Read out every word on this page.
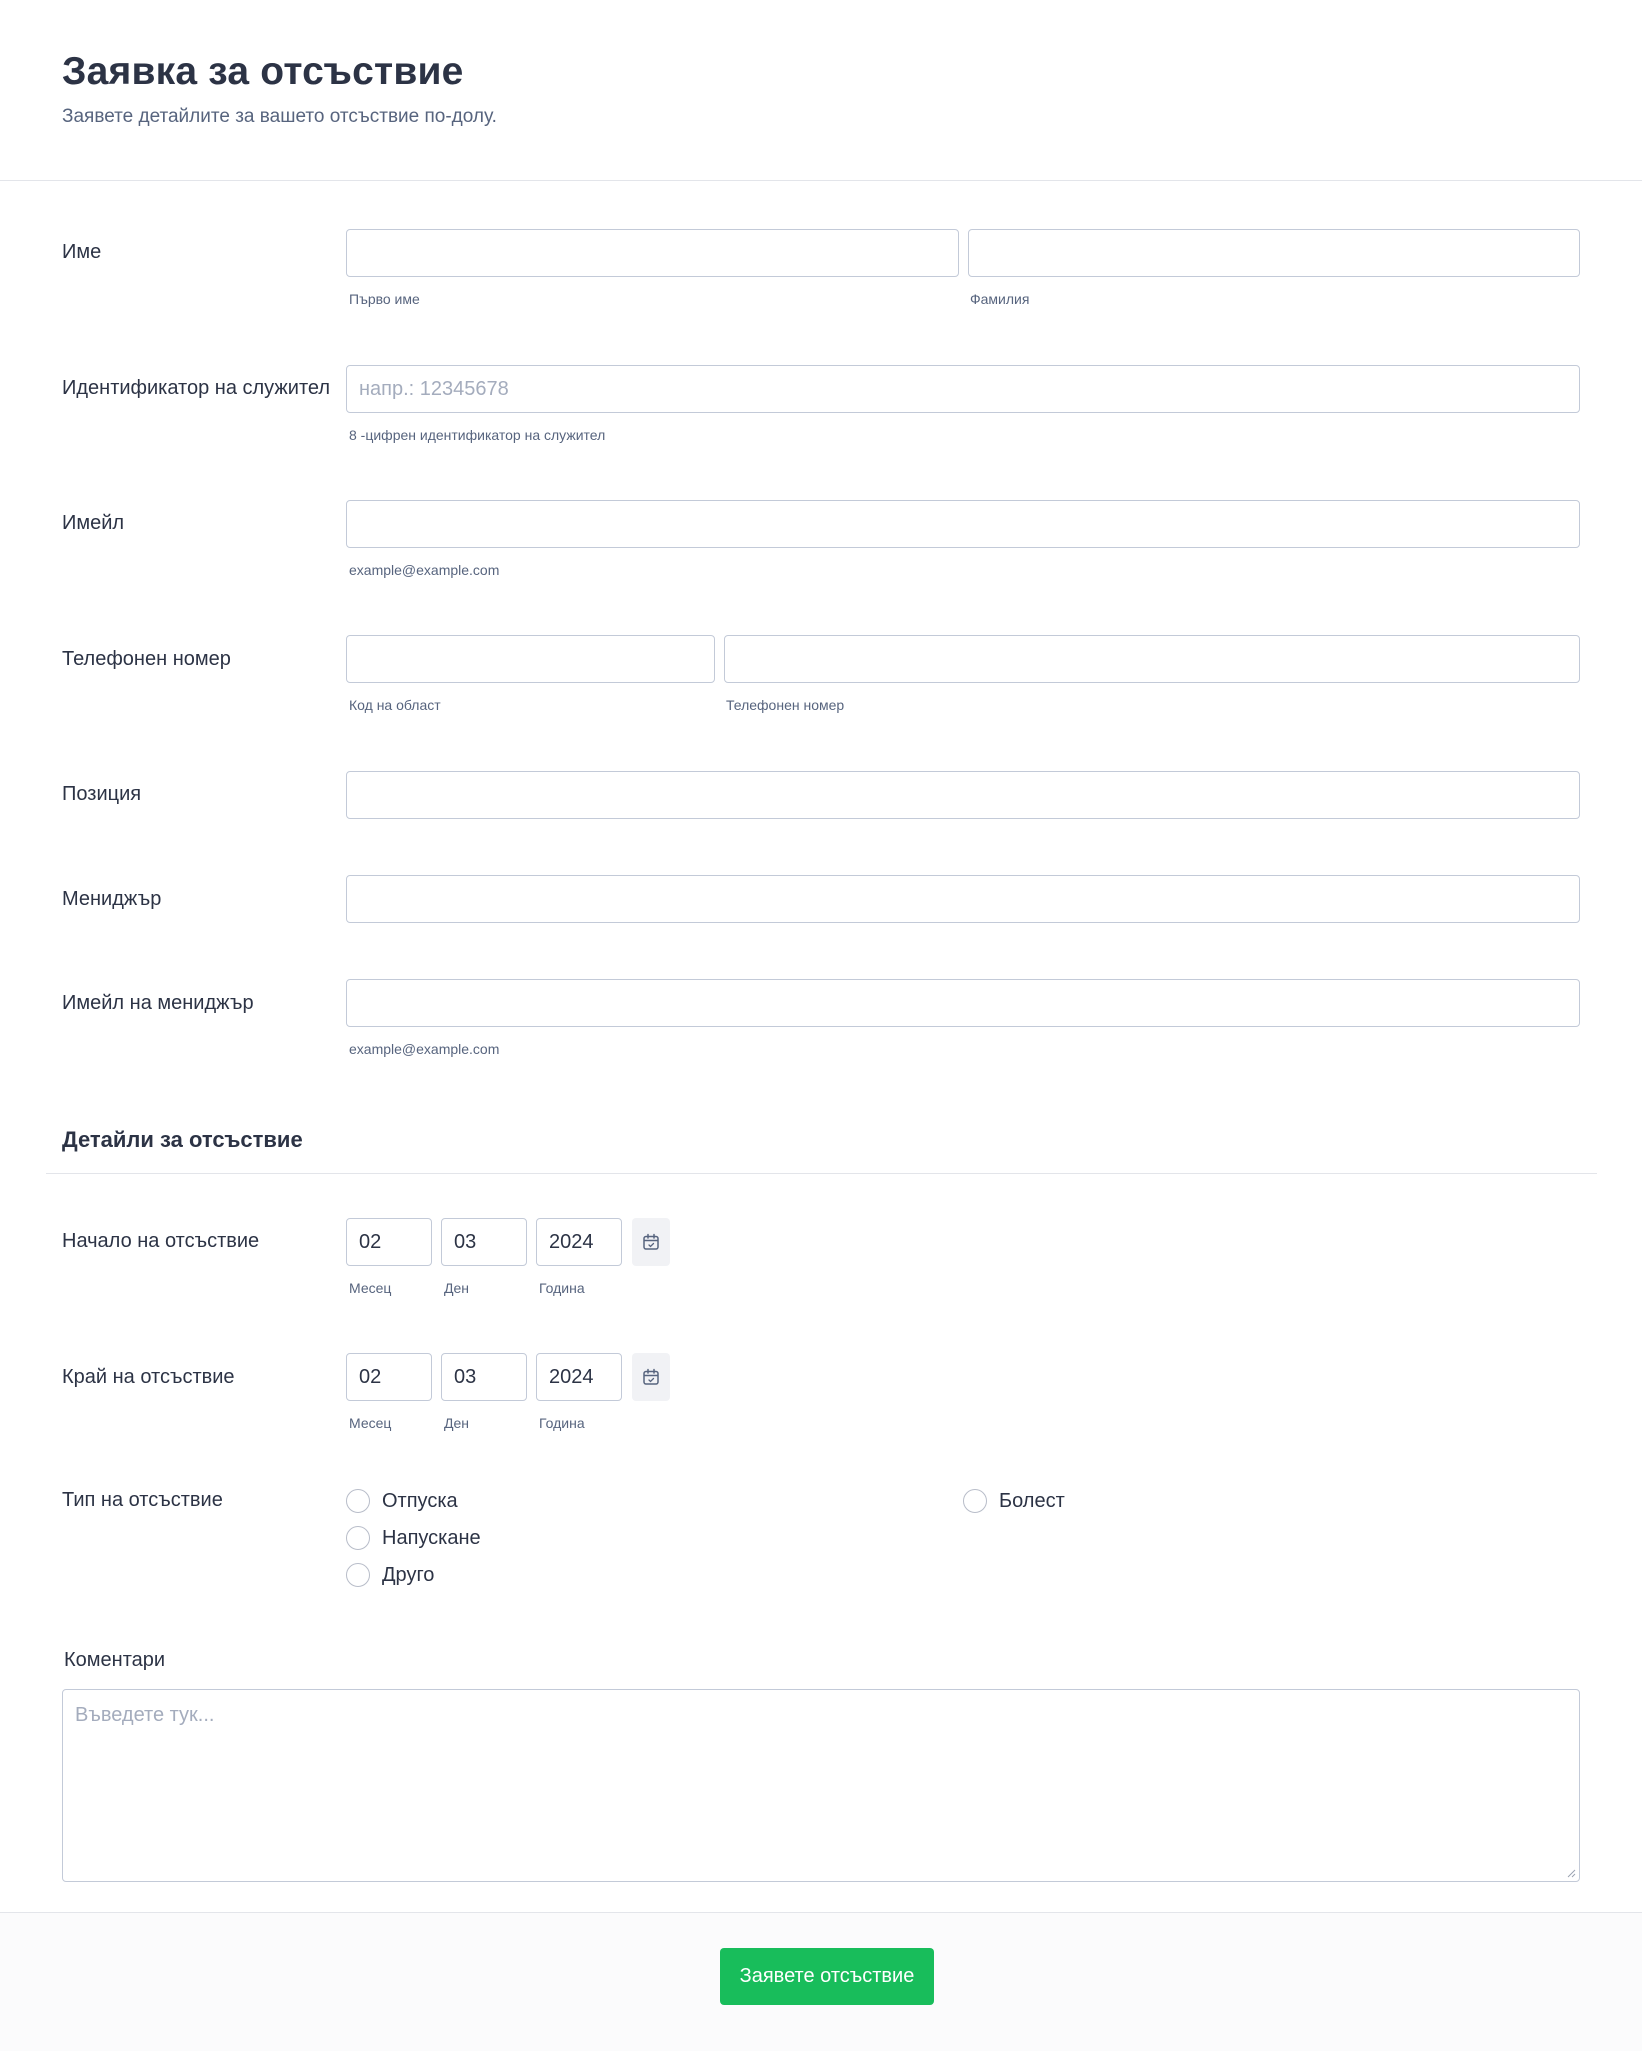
Заявка за отсъствие
Заявете детайлите за вашето отсъствие по-долу.
Име
Първо име	Фамилия
Идентификатор на служител
напр.: 12345678
8 -цифрен идентификатор на служител
Имейл
example@example.com
Телефонен номер
Код на област	Телефонен номер
Позиция
Мениджър
Имейл на мениджър
example@example.com
Детайли за отсъствие
Начало на отсъствие	02	03	2024
Месец	Ден	Година
Край на отсъствие	02	03	2024
Месец	Ден	Година
Тип на отсъствие	Отпуска
Напускане
Друго
Болест
Коментари
Въведете тук...
Заявете отсъствие
